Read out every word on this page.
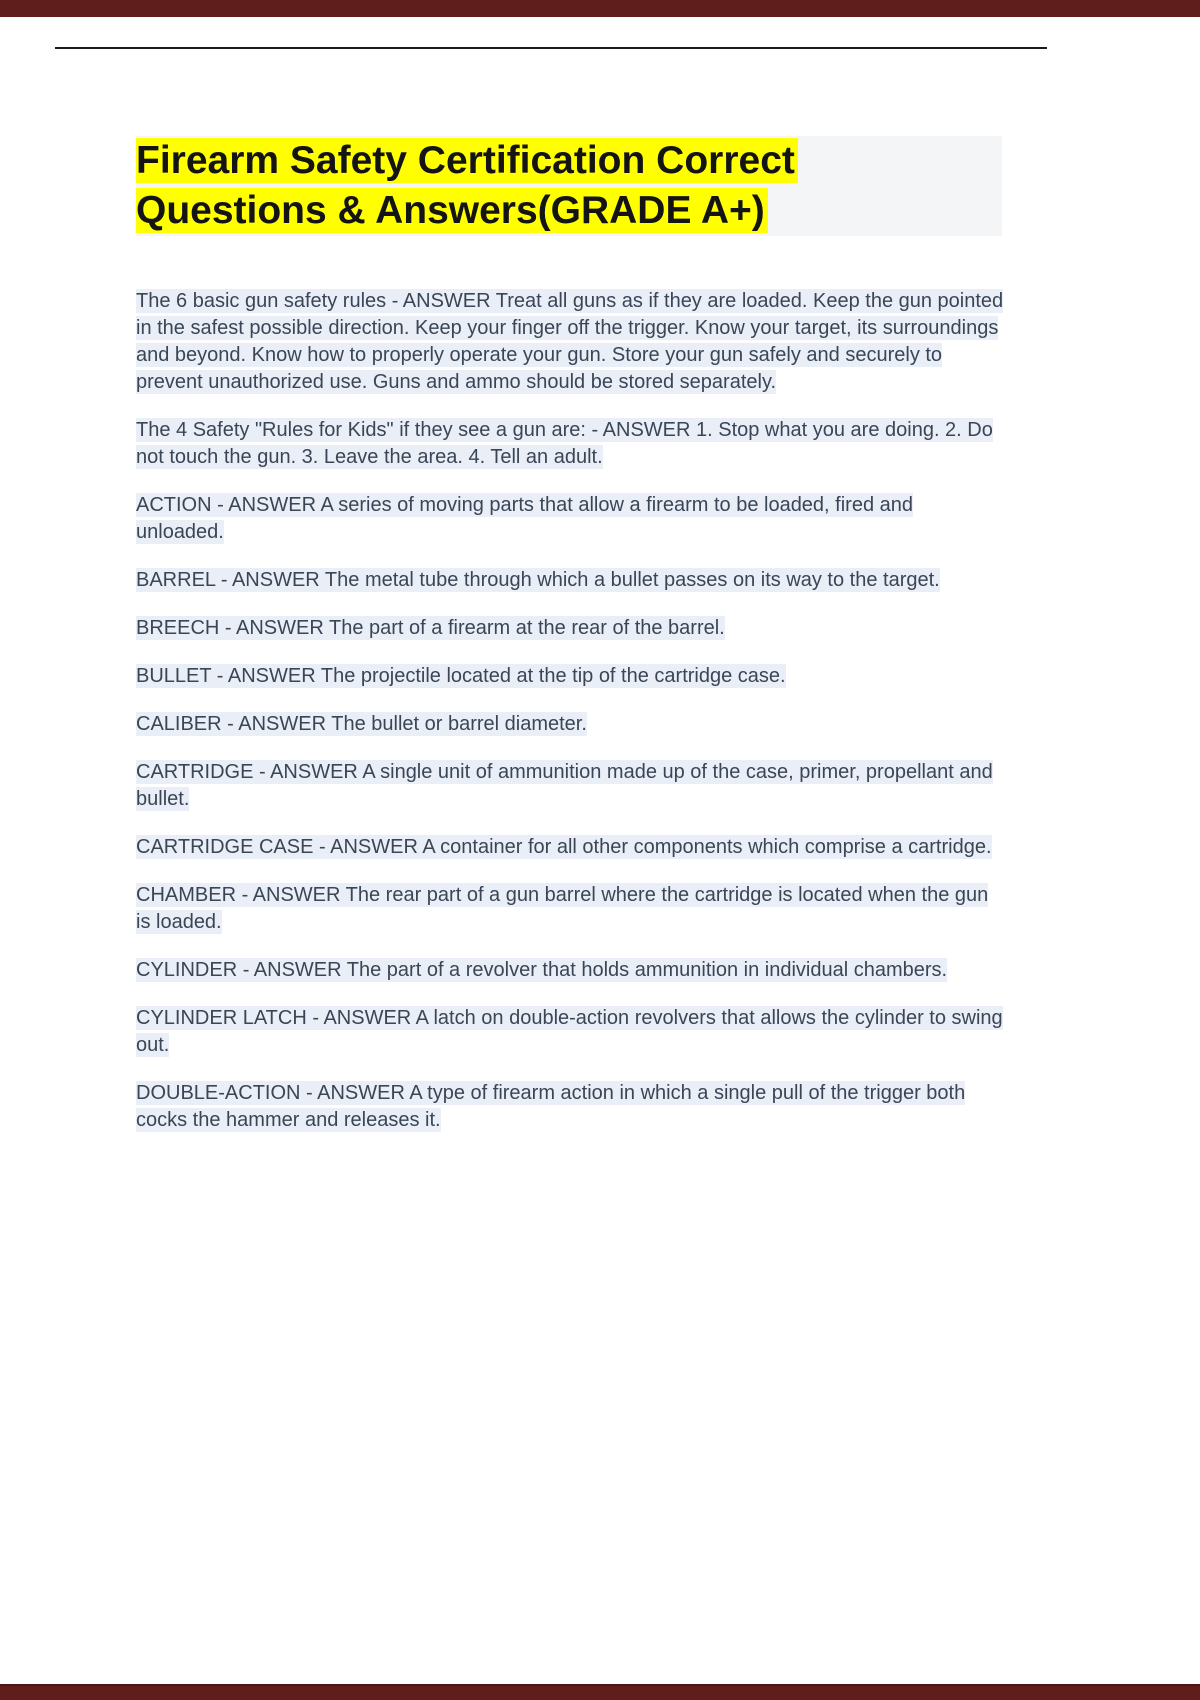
Firearm Safety Certification Correct
Questions & Answers(GRADE A+)

The 6 basic gun safety rules - ANSWER Treat all guns as if they are loaded. Keep the gun pointed in the safest possible direction. Keep your finger off the trigger. Know your target, its surroundings and beyond. Know how to properly operate your gun. Store your gun safely and securely to prevent unauthorized use. Guns and ammo should be stored separately.

The 4 Safety "Rules for Kids" if they see a gun are: - ANSWER 1. Stop what you are doing. 2. Do not touch the gun. 3. Leave the area. 4. Tell an adult.

ACTION - ANSWER A series of moving parts that allow a firearm to be loaded, fired and unloaded.

BARREL - ANSWER The metal tube through which a bullet passes on its way to the target.

BREECH - ANSWER The part of a firearm at the rear of the barrel.

BULLET - ANSWER The projectile located at the tip of the cartridge case.

CALIBER - ANSWER The bullet or barrel diameter.

CARTRIDGE - ANSWER A single unit of ammunition made up of the case, primer, propellant and bullet.

CARTRIDGE CASE - ANSWER A container for all other components which comprise a cartridge.

CHAMBER - ANSWER The rear part of a gun barrel where the cartridge is located when the gun is loaded.

CYLINDER - ANSWER The part of a revolver that holds ammunition in individual chambers.

CYLINDER LATCH - ANSWER A latch on double-action revolvers that allows the cylinder to swing out.

DOUBLE-ACTION - ANSWER A type of firearm action in which a single pull of the trigger both cocks the hammer and releases it.
